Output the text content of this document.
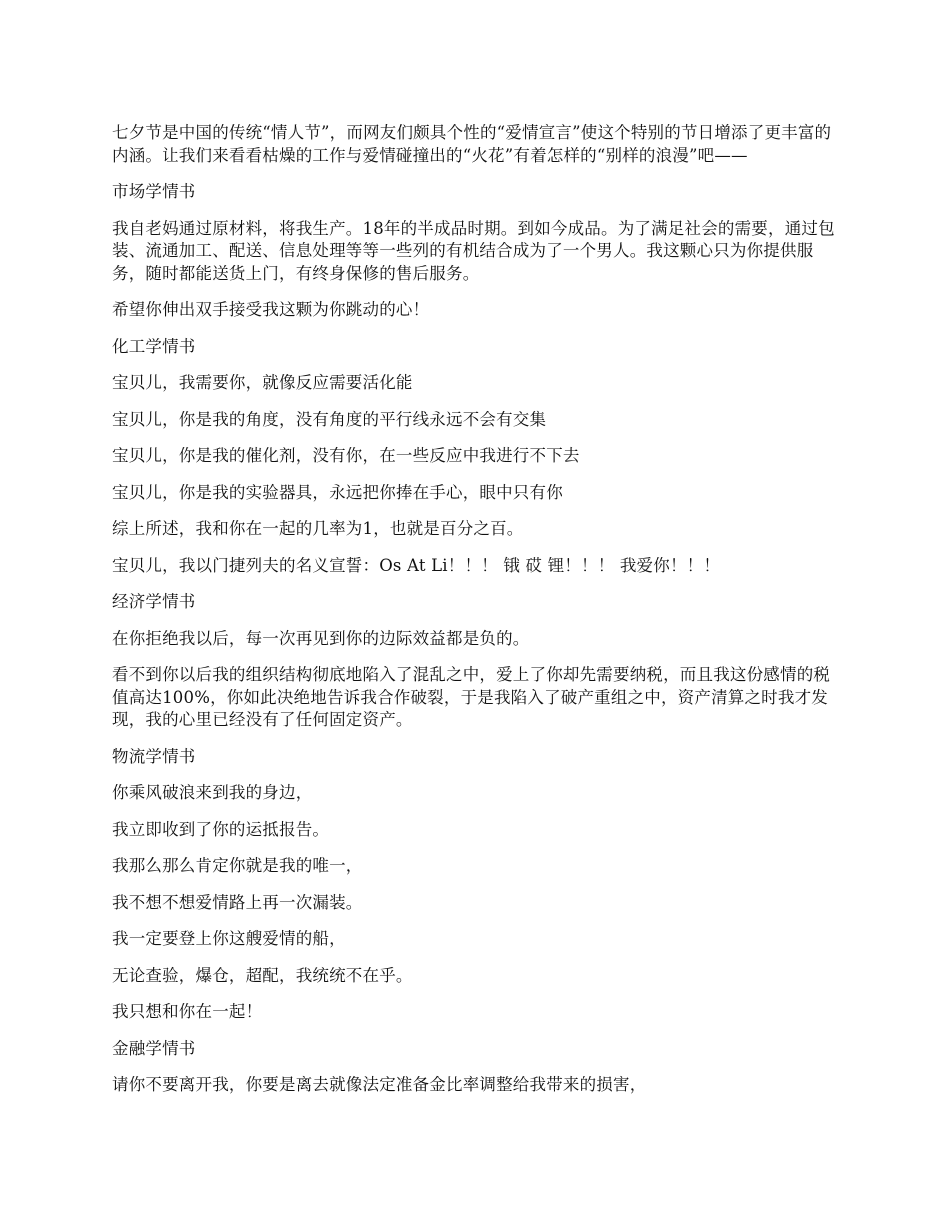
七夕节是中国的传统“情人节”，而网友们颇具个性的“爱情宣言”使这个特别的节日增添了更丰富的内涵。让我们来看看枯燥的工作与爱情碰撞出的“火花”有着怎样的“别样的浪漫”吧——

市场学情书

我自老妈通过原材料，将我生产。18年的半成品时期。到如今成品。为了满足社会的需要，通过包装、流通加工、配送、信息处理等等一些列的有机结合成为了一个男人。我这颗心只为你提供服务，随时都能送货上门，有终身保修的售后服务。

希望你伸出双手接受我这颗为你跳动的心！

化工学情书

宝贝儿，我需要你，就像反应需要活化能

宝贝儿，你是我的角度，没有角度的平行线永远不会有交集

宝贝儿，你是我的催化剂，没有你，在一些反应中我进行不下去

宝贝儿，你是我的实验器具，永远把你捧在手心，眼中只有你

综上所述，我和你在一起的几率为1，也就是百分之百。

宝贝儿，我以门捷列夫的名义宣誓：Os At Li！！！ 锇 砹 锂！！！ 我爱你！！！

经济学情书

在你拒绝我以后，每一次再见到你的边际效益都是负的。

看不到你以后我的组织结构彻底地陷入了混乱之中，爱上了你却先需要纳税，而且我这份感情的税值高达100%，你如此决绝地告诉我合作破裂，于是我陷入了破产重组之中，资产清算之时我才发现，我的心里已经没有了任何固定资产。

物流学情书

你乘风破浪来到我的身边，

我立即收到了你的运抵报告。

我那么那么肯定你就是我的唯一，

我不想不想爱情路上再一次漏装。

我一定要登上你这艘爱情的船，

无论查验，爆仓，超配，我统统不在乎。

我只想和你在一起！

金融学情书

请你不要离开我，你要是离去就像法定准备金比率调整给我带来的损害，
